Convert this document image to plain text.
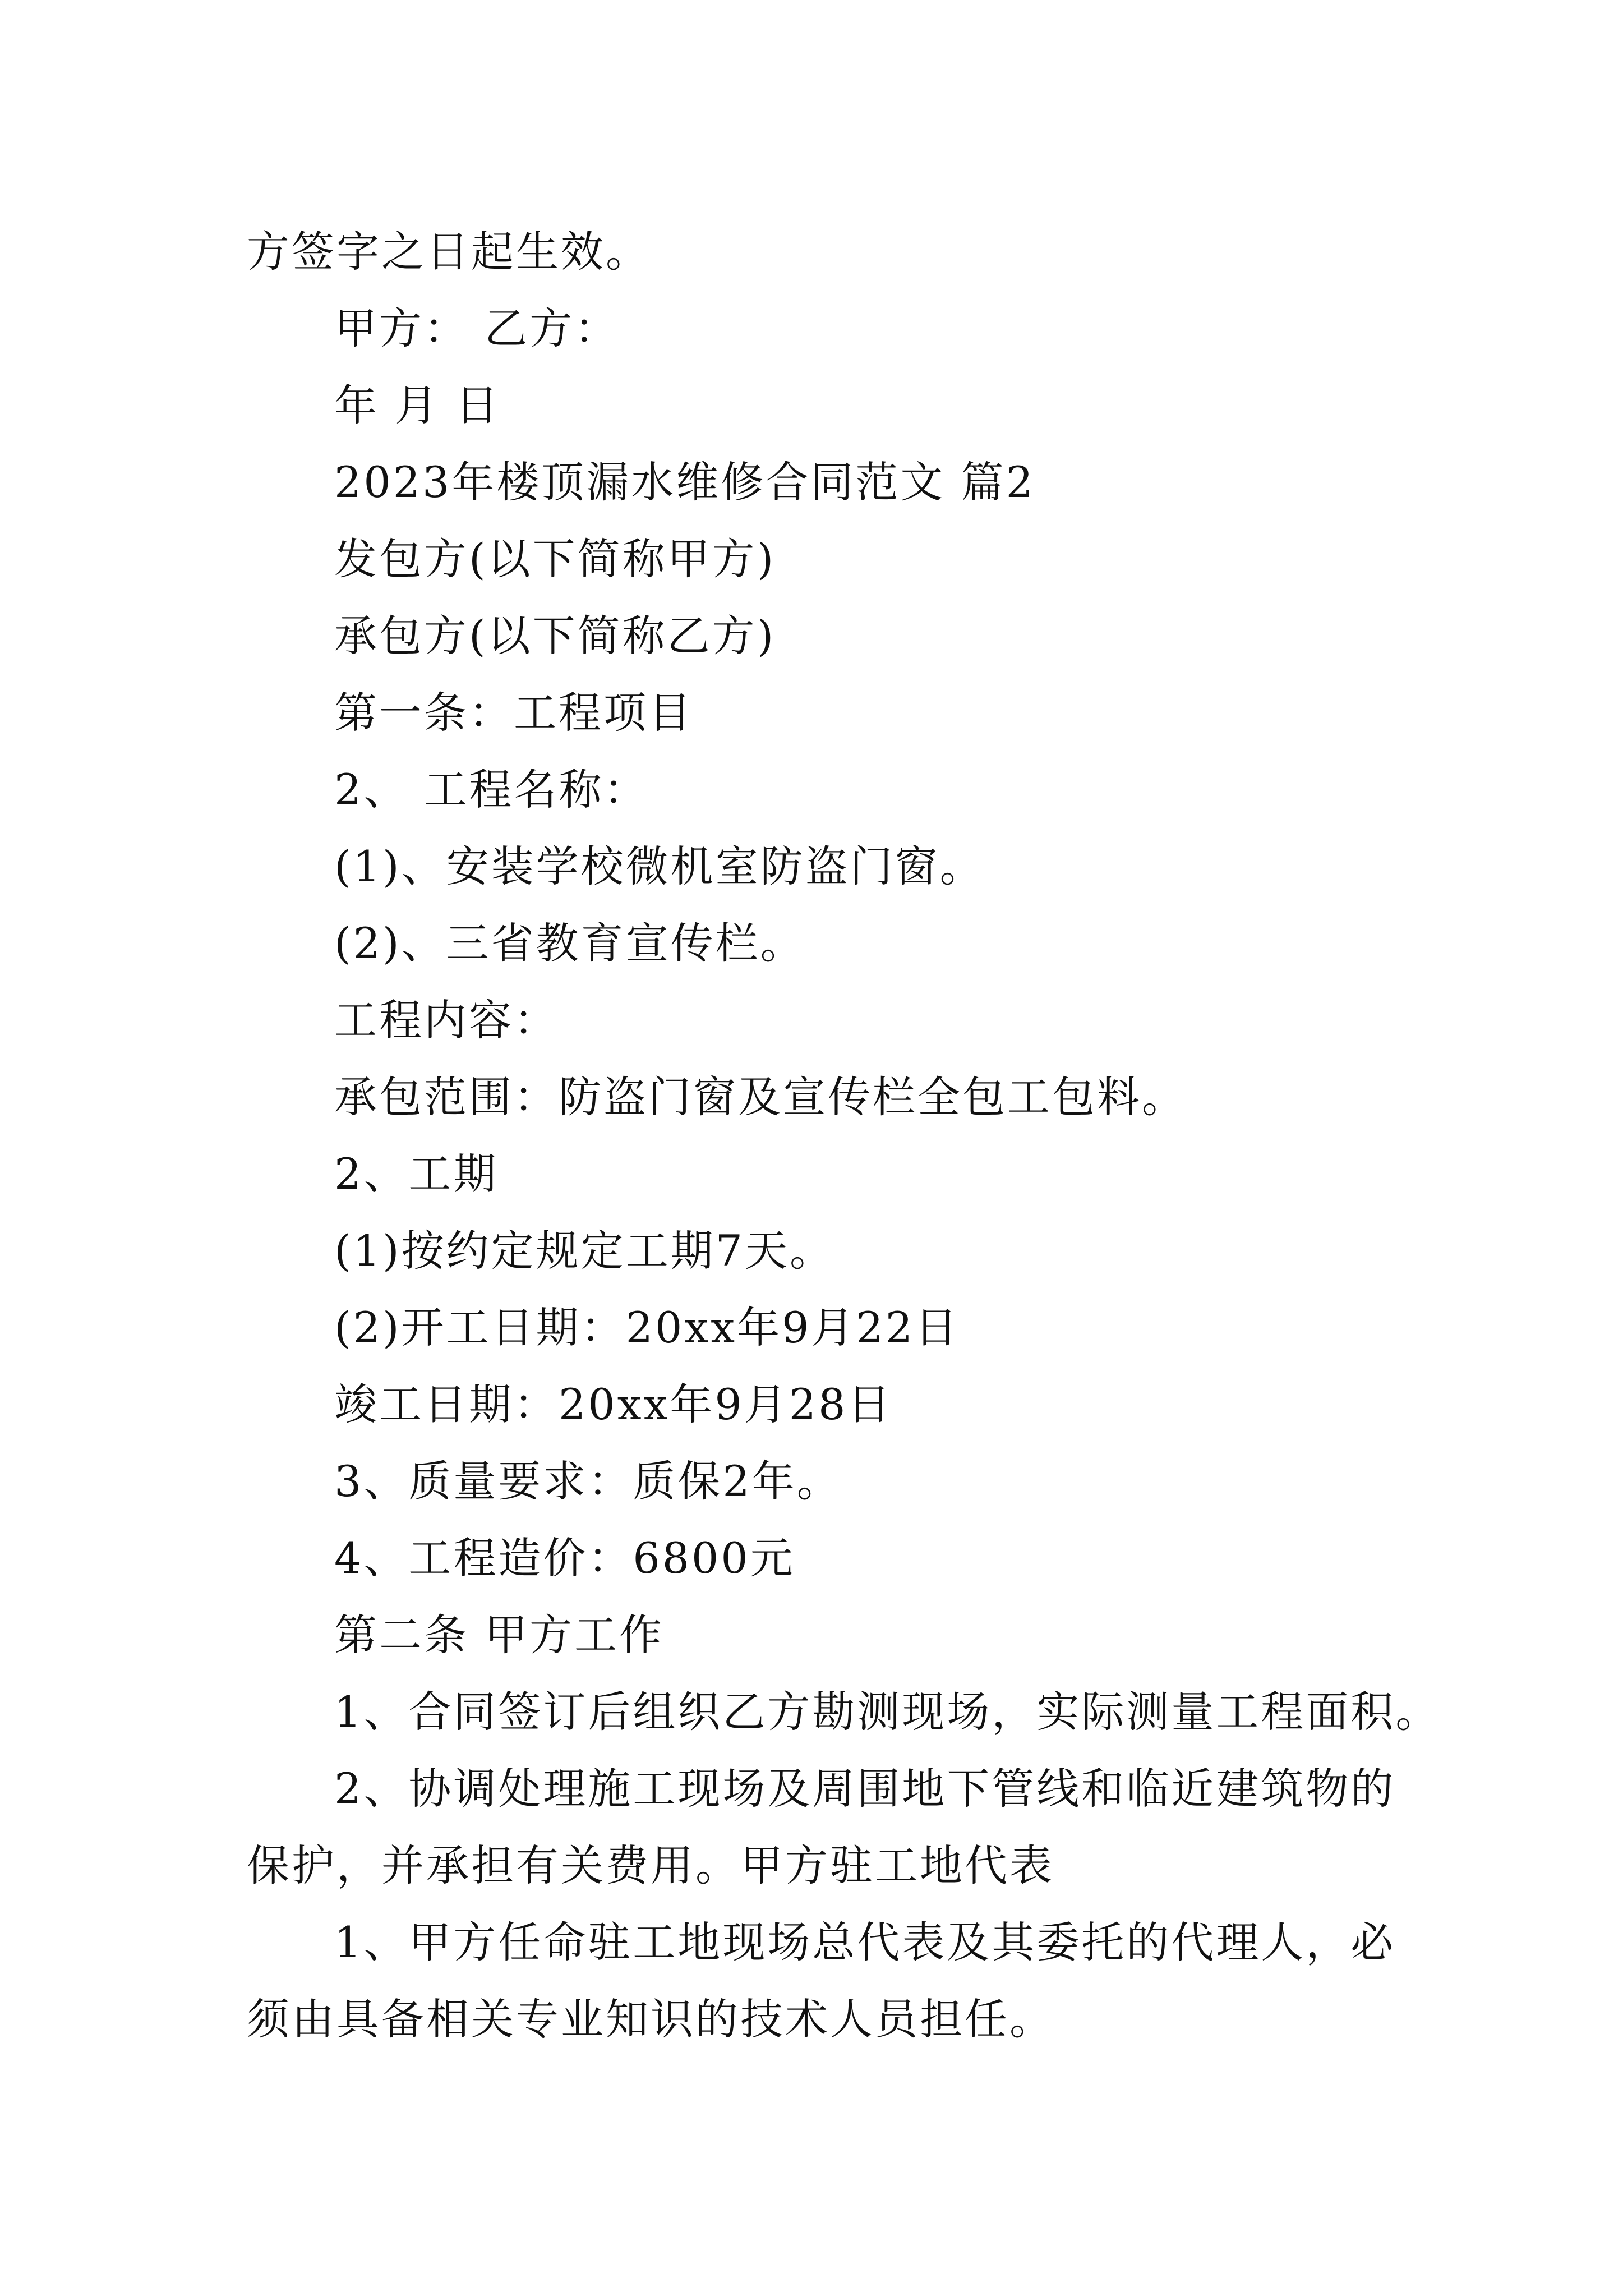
方签字之日起生效。
甲方： 乙方：
年 月 日
2023年楼顶漏水维修合同范文 篇2
发包方(以下简称甲方)
承包方(以下简称乙方)
第一条：工程项目
2、 工程名称：
(1)、安装学校微机室防盗门窗。
(2)、三省教育宣传栏。
工程内容：
承包范围：防盗门窗及宣传栏全包工包料。
2、工期
(1)按约定规定工期7天。
(2)开工日期：20xx年9月22日
竣工日期：20xx年9月28日
3、质量要求：质保2年。
4、工程造价：6800元
第二条 甲方工作
1、合同签订后组织乙方勘测现场，实际测量工程面积。
2、协调处理施工现场及周围地下管线和临近建筑物的
保护，并承担有关费用。甲方驻工地代表
1、甲方任命驻工地现场总代表及其委托的代理人，必
须由具备相关专业知识的技术人员担任。
